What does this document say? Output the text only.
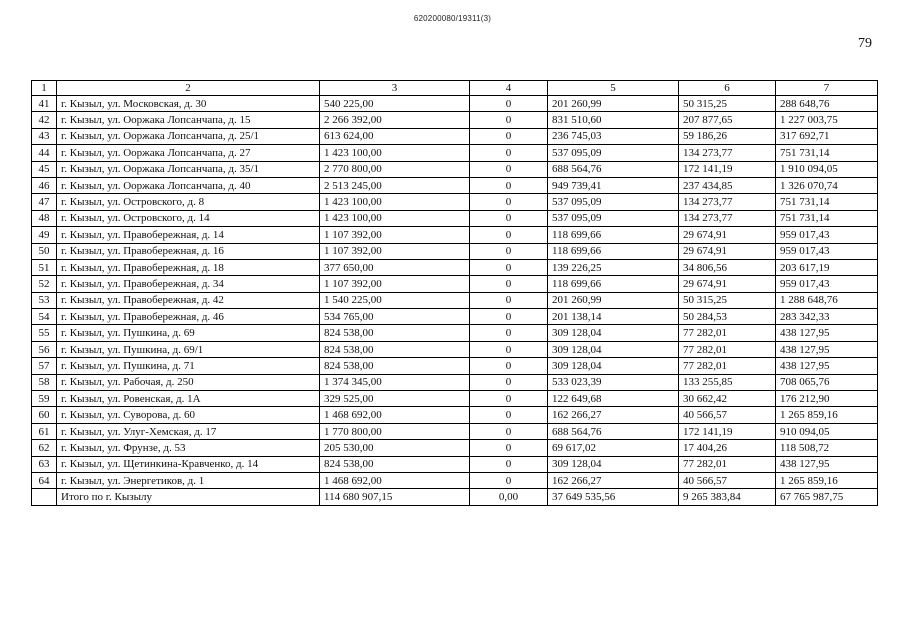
620200080/19311(3)
79
1	2	3	4	5	6	7
41	г. Кызыл, ул. Московская, д. 30	540 225,00	0	201 260,99	50 315,25	288 648,76
42	г. Кызыл, ул. Ооржака Лопсанчапа, д. 15	2 266 392,00	0	831 510,60	207 877,65	1 227 003,75
43	г. Кызыл, ул. Ооржака Лопсанчапа, д. 25/1	613 624,00	0	236 745,03	59 186,26	317 692,71
44	г. Кызыл, ул. Ооржака Лопсанчапа, д. 27	1 423 100,00	0	537 095,09	134 273,77	751 731,14
45	г. Кызыл, ул. Ооржака Лопсанчапа, д. 35/1	2 770 800,00	0	688 564,76	172 141,19	1 910 094,05
46	г. Кызыл, ул. Ооржака Лопсанчапа, д. 40	2 513 245,00	0	949 739,41	237 434,85	1 326 070,74
47	г. Кызыл, ул. Островского, д. 8	1 423 100,00	0	537 095,09	134 273,77	751 731,14
48	г. Кызыл, ул. Островского, д. 14	1 423 100,00	0	537 095,09	134 273,77	751 731,14
49	г. Кызыл, ул. Правобережная, д. 14	1 107 392,00	0	118 699,66	29 674,91	959 017,43
50	г. Кызыл, ул. Правобережная, д. 16	1 107 392,00	0	118 699,66	29 674,91	959 017,43
51	г. Кызыл, ул. Правобережная, д. 18	377 650,00	0	139 226,25	34 806,56	203 617,19
52	г. Кызыл, ул. Правобережная, д. 34	1 107 392,00	0	118 699,66	29 674,91	959 017,43
53	г. Кызыл, ул. Правобережная, д. 42	1 540 225,00	0	201 260,99	50 315,25	1 288 648,76
54	г. Кызыл, ул. Правобережная, д. 46	534 765,00	0	201 138,14	50 284,53	283 342,33
55	г. Кызыл, ул. Пушкина, д. 69	824 538,00	0	309 128,04	77 282,01	438 127,95
56	г. Кызыл, ул. Пушкина, д. 69/1	824 538,00	0	309 128,04	77 282,01	438 127,95
57	г. Кызыл, ул. Пушкина, д. 71	824 538,00	0	309 128,04	77 282,01	438 127,95
58	г. Кызыл, ул. Рабочая, д. 250	1 374 345,00	0	533 023,39	133 255,85	708 065,76
59	г. Кызыл, ул. Ровенская, д. 1А	329 525,00	0	122 649,68	30 662,42	176 212,90
60	г. Кызыл, ул. Суворова, д. 60	1 468 692,00	0	162 266,27	40 566,57	1 265 859,16
61	г. Кызыл, ул. Улуг-Хемская, д. 17	1 770 800,00	0	688 564,76	172 141,19	910 094,05
62	г. Кызыл, ул. Фрунзе, д. 53	205 530,00	0	69 617,02	17 404,26	118 508,72
63	г. Кызыл, ул. Щетинкина-Кравченко, д. 14	824 538,00	0	309 128,04	77 282,01	438 127,95
64	г. Кызыл, ул. Энергетиков, д. 1	1 468 692,00	0	162 266,27	40 566,57	1 265 859,16
	Итого по г. Кызылу	114 680 907,15	0,00	37 649 535,56	9 265 383,84	67 765 987,75
